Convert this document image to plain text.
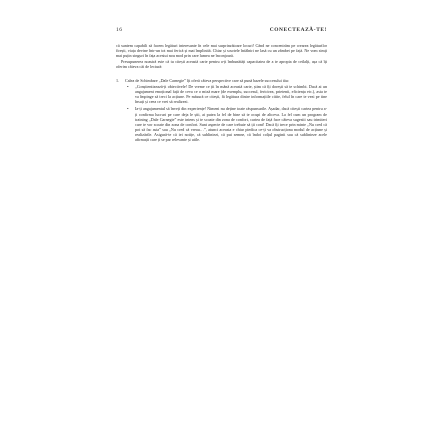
16	CONECTEAZĂ-TE!

că suntem capabili să facem legături interesante în cele mai surprinzătoare locuri! Când ne concentrăm pe crearea legăturilor firești, viața devine într-un tot mai ferică și mai împlinită. Chiar și scurtele întâlniri ne lasă cu un zâmbet pe față. Ne vom simți mai puțin singuri în fața acestui nou mod prin care lumea ne înconjoară.

Presupunerea noastră este că tu citești această carte pentru a-ți îmbunătăți capacitatea de a te apropia de ceilalți, așa că îți oferim câteva căi de lectură:

1. Calea de Schimbare „Dale Carnegie” îți oferă câteva perspective care să pună bazele succesului tău:
• „Conștientizează-ți obiectivele! De vreme ce ții în mână această carte, știm că îți dorești să te schimbi. Dacă ai un angajament emoțional față de ceva ce o miză mare (de exemplu, succesul, fericirea, prietenii, eficiența etc.), asta te va împinge să treci la acțiune. Pe măsură ce citești, fă legătura dintre informațiile citite, felul în care te vezi pe tine însuți și ceea ce vrei să realizezi.
• Ia-ți angajamentul să înveți din experiențe! Nimeni nu deține toate răspunsurile. Așadar, dacă citești cartea pentru a-ți confirma lucruri pe care deja le știi, ai putea la fel de bine să te ocupi de altceva. La fel cum un program de training „Dale Carnegie” este intens și te scoate din zona de confort, cartea de față face câteva sugestii sau trimiteri care te vor scoate din zona de confort. Sunt aspecte de care trebuie să ții cont! Dacă îți trece prin minte „Nu cred că pot să fac asta” sau „Nu cred că vreau…”, atunci aceasta e chiar piedica ce-ți va obstrucționa modul de acțiune și realizările. Asigură-te că iei notițe, că subliniezi, că pui semne, că îndoi colțul paginii sau că sublinieze acele afirmații care ți se par relevante și utile.
